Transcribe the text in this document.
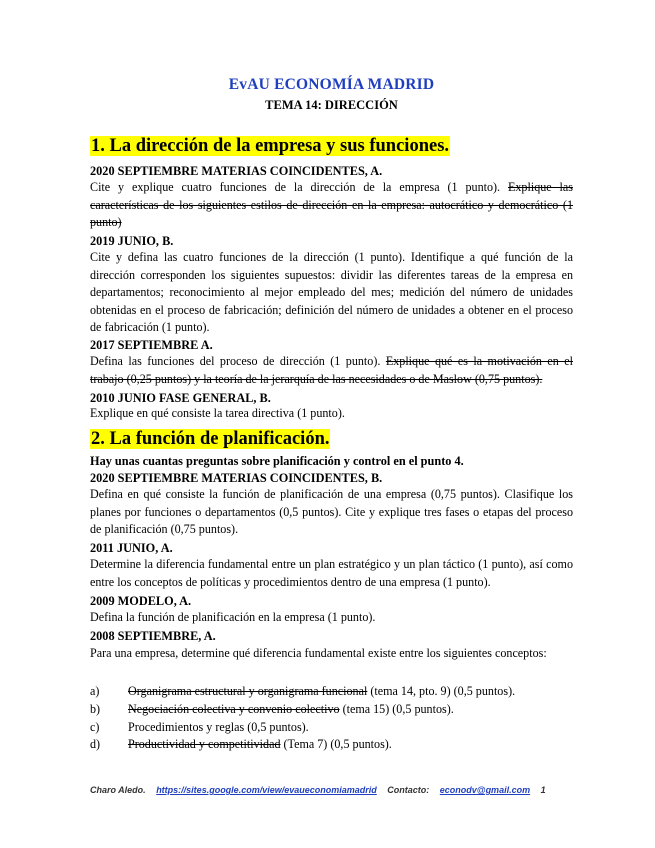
EvAU ECONOMÍA MADRID
TEMA 14: DIRECCIÓN
1. La dirección de la empresa y sus funciones.
2020 SEPTIEMBRE MATERIAS COINCIDENTES, A.
Cite y explique cuatro funciones de la dirección de la empresa (1 punto). Explique las características de los siguientes estilos de dirección en la empresa: autocrático y democrático (1 punto)
2019 JUNIO, B.
Cite y defina las cuatro funciones de la dirección (1 punto). Identifique a qué función de la dirección corresponden los siguientes supuestos: dividir las diferentes tareas de la empresa en departamentos; reconocimiento al mejor empleado del mes; medición del número de unidades obtenidas en el proceso de fabricación; definición del número de unidades a obtener en el proceso de fabricación (1 punto).
2017 SEPTIEMBRE A.
Defina las funciones del proceso de dirección (1 punto). Explique qué es la motivación en el trabajo (0,25 puntos) y la teoría de la jerarquía de las necesidades o de Maslow (0,75 puntos).
2010 JUNIO FASE GENERAL, B.
Explique en qué consiste la tarea directiva (1 punto).
2. La función de planificación.
Hay unas cuantas preguntas sobre planificación y control en el punto 4.
2020 SEPTIEMBRE MATERIAS COINCIDENTES, B.
Defina en qué consiste la función de planificación de una empresa (0,75 puntos). Clasifique los planes por funciones o departamentos (0,5 puntos). Cite y explique tres fases o etapas del proceso de planificación (0,75 puntos).
2011 JUNIO, A.
Determine la diferencia fundamental entre un plan estratégico y un plan táctico (1 punto), así como entre los conceptos de políticas y procedimientos dentro de una empresa (1 punto).
2009 MODELO, A.
Defina la función de planificación en la empresa (1 punto).
2008 SEPTIEMBRE, A.
Para una empresa, determine qué diferencia fundamental existe entre los siguientes conceptos:
a)	Organigrama estructural y organigrama funcional (tema 14, pto. 9) (0,5 puntos).
b)	Negociación colectiva y convenio colectivo (tema 15) (0,5 puntos).
c)	Procedimientos y reglas (0,5 puntos).
d)	Productividad y competitividad (Tema 7) (0,5 puntos).
Charo Aledo. https://sites.google.com/view/evaueconomiamadrid Contacto: econodv@gmail.com 1
